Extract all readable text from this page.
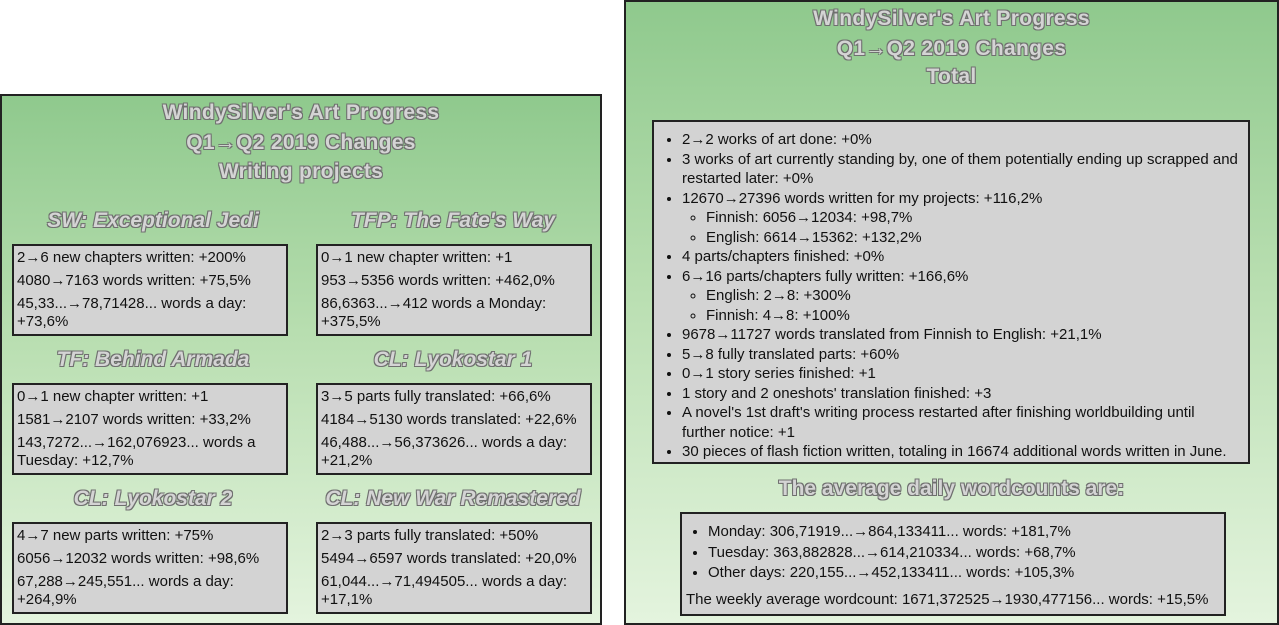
WindySilver's Art Progress
Q1→Q2 2019 Changes
Writing projects
SW: Exceptional Jedi
2→6 new chapters written: +200%
4080→7163 words written: +75,5%
45,33...→78,71428... words a day: +73,6%
TFP: The Fate's Way
0→1 new chapter written: +1
953→5356 words written: +462,0%
86,6363...→412 words a Monday: +375,5%
TF: Behind Armada
0→1 new chapter written: +1
1581→2107 words written: +33,2%
143,7272...→162,076923... words a Tuesday: +12,7%
CL: Lyokostar 1
3→5 parts fully translated: +66,6%
4184→5130 words translated: +22,6%
46,488...→56,373626... words a day: +21,2%
CL: Lyokostar 2
4→7 new parts written: +75%
6056→12032 words written: +98,6%
67,288→245,551... words a day: +264,9%
CL: New War Remastered
2→3 parts fully translated: +50%
5494→6597 words translated: +20,0%
61,044...→71,494505... words a day: +17,1%
WindySilver's Art Progress
Q1→Q2 2019 Changes
Total
• 2→2 works of art done: +0%
• 3 works of art currently standing by, one of them potentially ending up scrapped and restarted later: +0%
• 12670→27396 words written for my projects: +116,2%
◦ Finnish: 6056→12034: +98,7%
◦ English: 6614→15362: +132,2%
• 4 parts/chapters finished: +0%
• 6→16 parts/chapters fully written: +166,6%
◦ English: 2→8: +300%
◦ Finnish: 4→8: +100%
• 9678→11727 words translated from Finnish to English: +21,1%
• 5→8 fully translated parts: +60%
• 0→1 story series finished: +1
• 1 story and 2 oneshots' translation finished: +3
• A novel's 1st draft's writing process restarted after finishing worldbuilding until further notice: +1
• 30 pieces of flash fiction written, totaling in 16674 additional words written in June.
The average daily wordcounts are:
• Monday: 306,71919...→864,133411... words: +181,7%
• Tuesday: 363,882828...→614,210334... words: +68,7%
• Other days: 220,155...→452,133411... words: +105,3%
The weekly average wordcount: 1671,372525→1930,477156... words: +15,5%
